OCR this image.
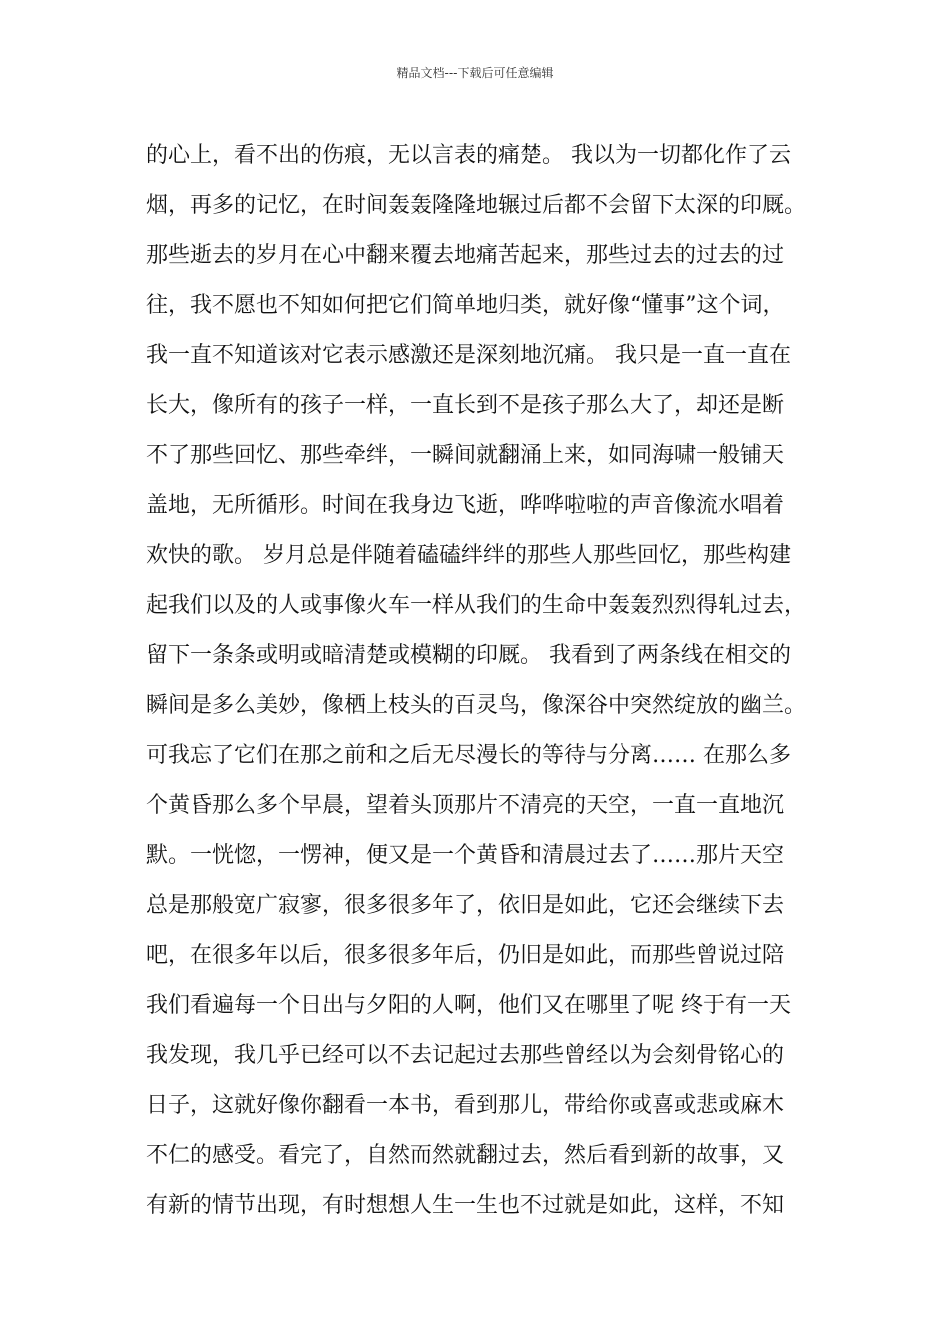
精品文档---下载后可任意编辑
的心上，看不出的伤痕，无以言表的痛楚。 我以为一切都化作了云
烟，再多的记忆，在时间轰轰隆隆地辗过后都不会留下太深的印厩。
那些逝去的岁月在心中翻来覆去地痛苦起来，那些过去的过去的过
往，我不愿也不知如何把它们简单地归类，就好像“懂事”这个词，
我一直不知道该对它表示感激还是深刻地沉痛。 我只是一直一直在
长大，像所有的孩子一样，一直长到不是孩子那么大了，却还是断
不了那些回忆、那些牵绊，一瞬间就翻涌上来，如同海啸一般铺天
盖地，无所循形。时间在我身边飞逝，哗哗啦啦的声音像流水唱着
欢快的歌。 岁月总是伴随着磕磕绊绊的那些人那些回忆，那些构建
起我们以及的人或事像火车一样从我们的生命中轰轰烈烈得轧过去，
留下一条条或明或暗清楚或模糊的印厩。 我看到了两条线在相交的
瞬间是多么美妙，像栖上枝头的百灵鸟，像深谷中突然绽放的幽兰。
可我忘了它们在那之前和之后无尽漫长的等待与分离…… 在那么多
个黄昏那么多个早晨，望着头顶那片不清亮的天空，一直一直地沉
默。一恍惚，一愣神，便又是一个黄昏和清晨过去了……那片天空
总是那般宽广寂寥，很多很多年了，依旧是如此，它还会继续下去
吧，在很多年以后，很多很多年后，仍旧是如此，而那些曾说过陪
我们看遍每一个日出与夕阳的人啊，他们又在哪里了呢 终于有一天
我发现，我几乎已经可以不去记起过去那些曾经以为会刻骨铭心的
日子，这就好像你翻看一本书，看到那儿，带给你或喜或悲或麻木
不仁的感受。看完了，自然而然就翻过去，然后看到新的故事，又
有新的情节出现，有时想想人生一生也不过就是如此，这样，不知
